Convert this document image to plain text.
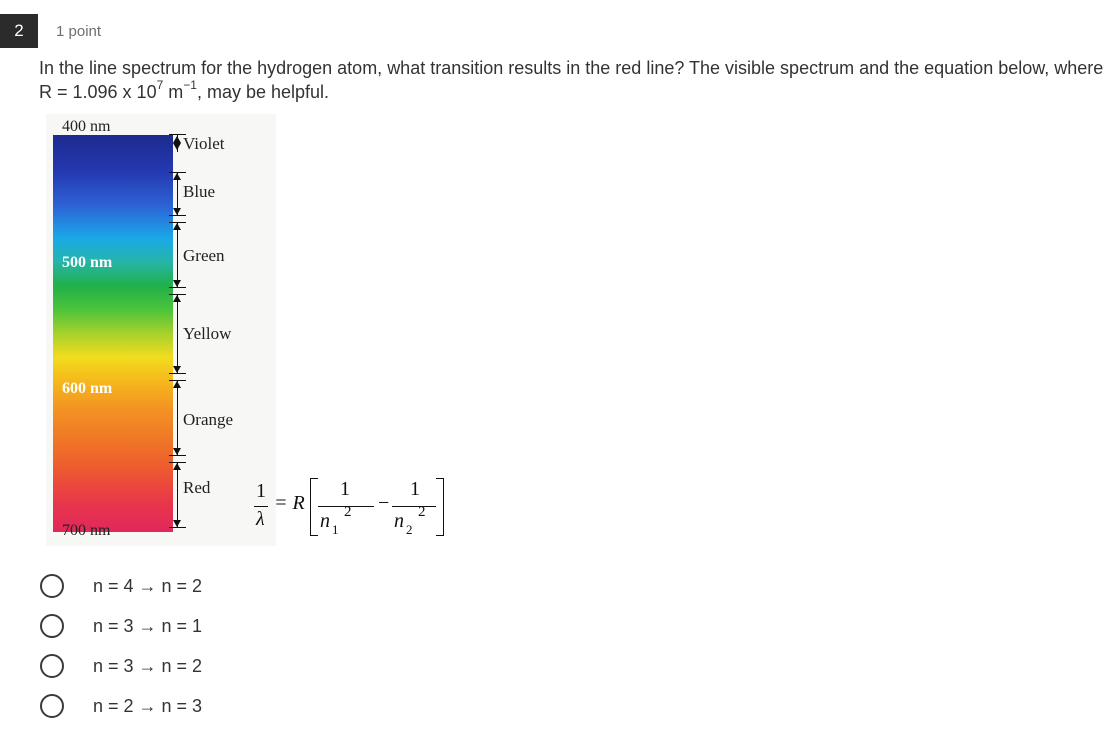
2	1 point
In the line spectrum for the hydrogen atom, what transition results in the red line? The visible spectrum and the equation below, where R = 1.096 x $10^7$ $m^{-1}$, may be helpful.
400 nm
500 nm
600 nm
700 nm
Violet
Blue
Green
Yellow
Orange
Red 1
λ
= R
1
n 1
2 −
1
n 2
2
n = 4 → n = 2
n = 3 → n = 1
n = 3 → n = 2
n = 2 → n = 3
